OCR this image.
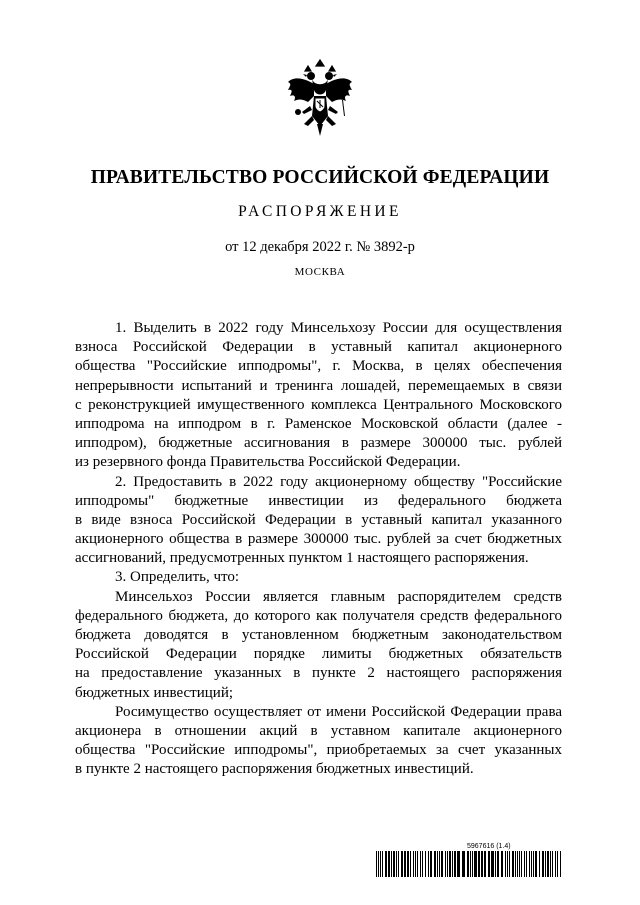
ПРАВИТЕЛЬСТВО РОССИЙСКОЙ ФЕДЕРАЦИИ
РАСПОРЯЖЕНИЕ
от 12 декабря 2022 г. № 3892-р
МОСКВА
1. Выделить в 2022 году Минсельхозу России для осуществления
взноса Российской Федерации в уставный капитал акционерного
общества "Российские ипподромы", г. Москва, в целях обеспечения
непрерывности испытаний и тренинга лошадей, перемещаемых в связи
с реконструкцией имущественного комплекса Центрального Московского
ипподрома на ипподром в г. Раменское Московской области (далее -
ипподром), бюджетные ассигнования в размере 300000 тыс. рублей
из резервного фонда Правительства Российской Федерации.
2. Предоставить в 2022 году акционерному обществу "Российские
ипподромы" бюджетные инвестиции из федерального бюджета
в виде взноса Российской Федерации в уставный капитал указанного
акционерного общества в размере 300000 тыс. рублей за счет бюджетных
ассигнований, предусмотренных пунктом 1 настоящего распоряжения.
3. Определить, что:
Минсельхоз России является главным распорядителем средств
федерального бюджета, до которого как получателя средств федерального
бюджета доводятся в установленном бюджетным законодательством
Российской Федерации порядке лимиты бюджетных обязательств
на предоставление указанных в пункте 2 настоящего распоряжения
бюджетных инвестиций;
Росимущество осуществляет от имени Российской Федерации права
акционера в отношении акций в уставном капитале акционерного
общества "Российские ипподромы", приобретаемых за счет указанных
в пункте 2 настоящего распоряжения бюджетных инвестиций.
5967616 (1.4)
